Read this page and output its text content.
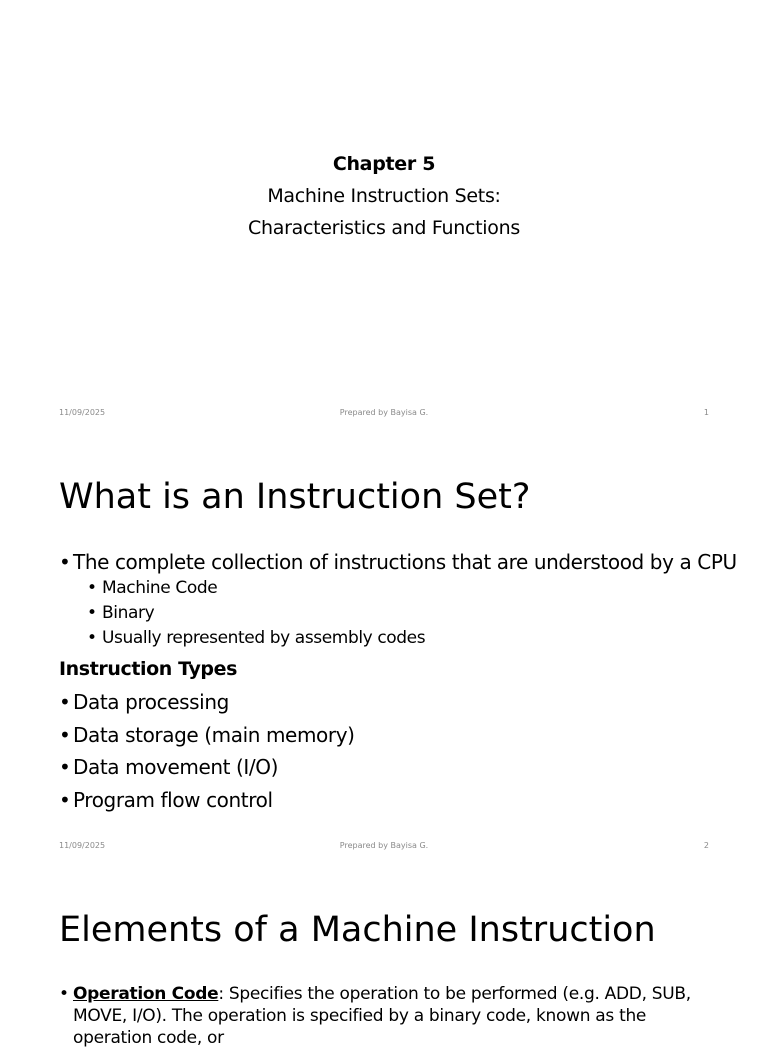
Chapter 5
Machine Instruction Sets:
Characteristics and Functions
11/09/2025	Prepared by Bayisa G.	1
What is an Instruction Set?
• The complete collection of instructions that are understood by a CPU
• Machine Code
• Binary
• Usually represented by assembly codes
Instruction Types
• Data processing
• Data storage (main memory)
• Data movement (I/O)
• Program flow control
11/09/2025	Prepared by Bayisa G.	2
Elements of a Machine Instruction
• Operation Code: Specifies the operation to be performed (e.g. ADD, SUB, MOVE, I/O). The operation is specified by a binary code, known as the operation code, or
